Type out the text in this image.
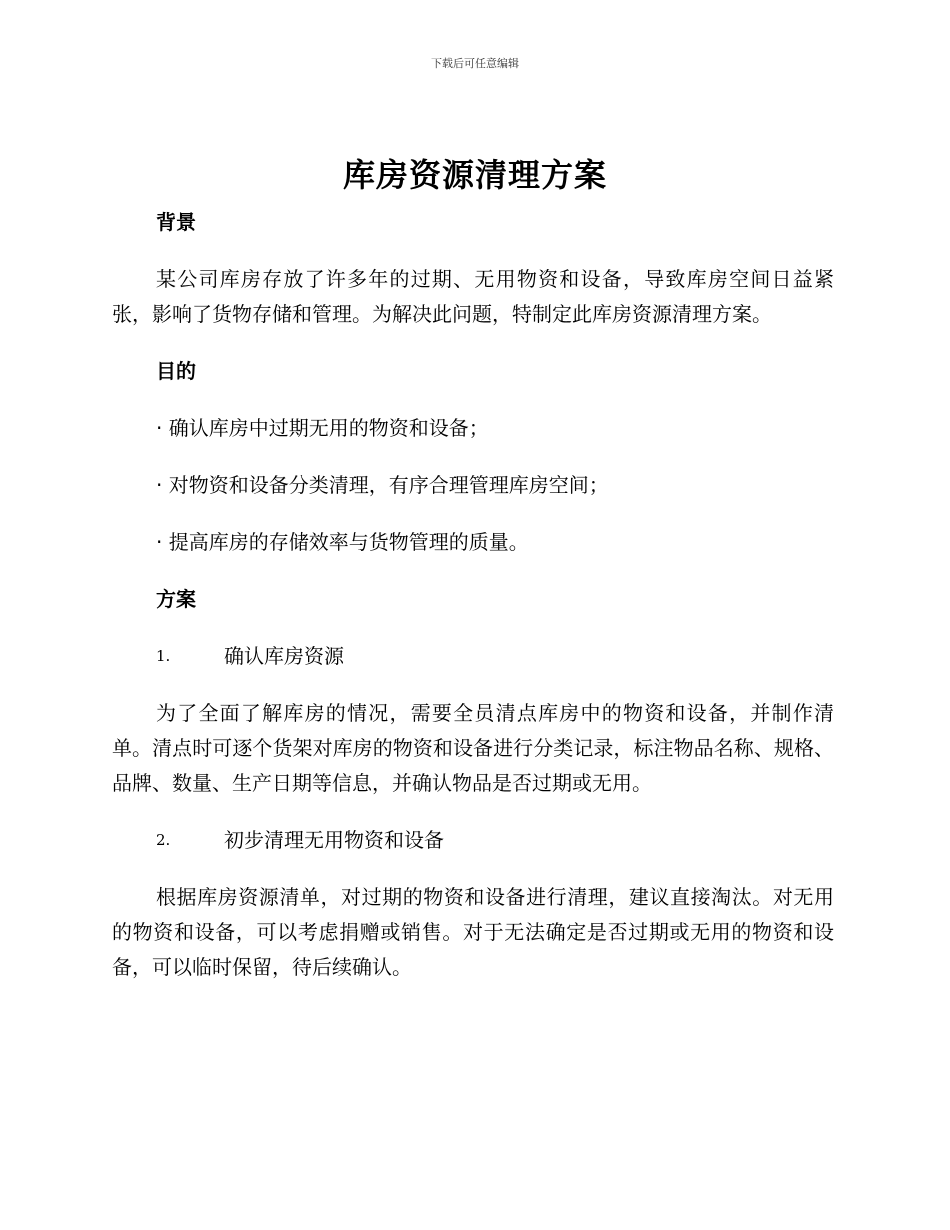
下载后可任意编辑
库房资源清理方案
背景
某公司库房存放了许多年的过期、无用物资和设备，导致库房空间日益紧张，影响了货物存储和管理。为解决此问题，特制定此库房资源清理方案。
目的
· 确认库房中过期无用的物资和设备；
· 对物资和设备分类清理，有序合理管理库房空间；
· 提高库房的存储效率与货物管理的质量。
方案
1.	确认库房资源
为了全面了解库房的情况，需要全员清点库房中的物资和设备，并制作清单。清点时可逐个货架对库房的物资和设备进行分类记录，标注物品名称、规格、品牌、数量、生产日期等信息，并确认物品是否过期或无用。
2.	初步清理无用物资和设备
根据库房资源清单，对过期的物资和设备进行清理，建议直接淘汰。对无用的物资和设备，可以考虑捐赠或销售。对于无法确定是否过期或无用的物资和设备，可以临时保留，待后续确认。
